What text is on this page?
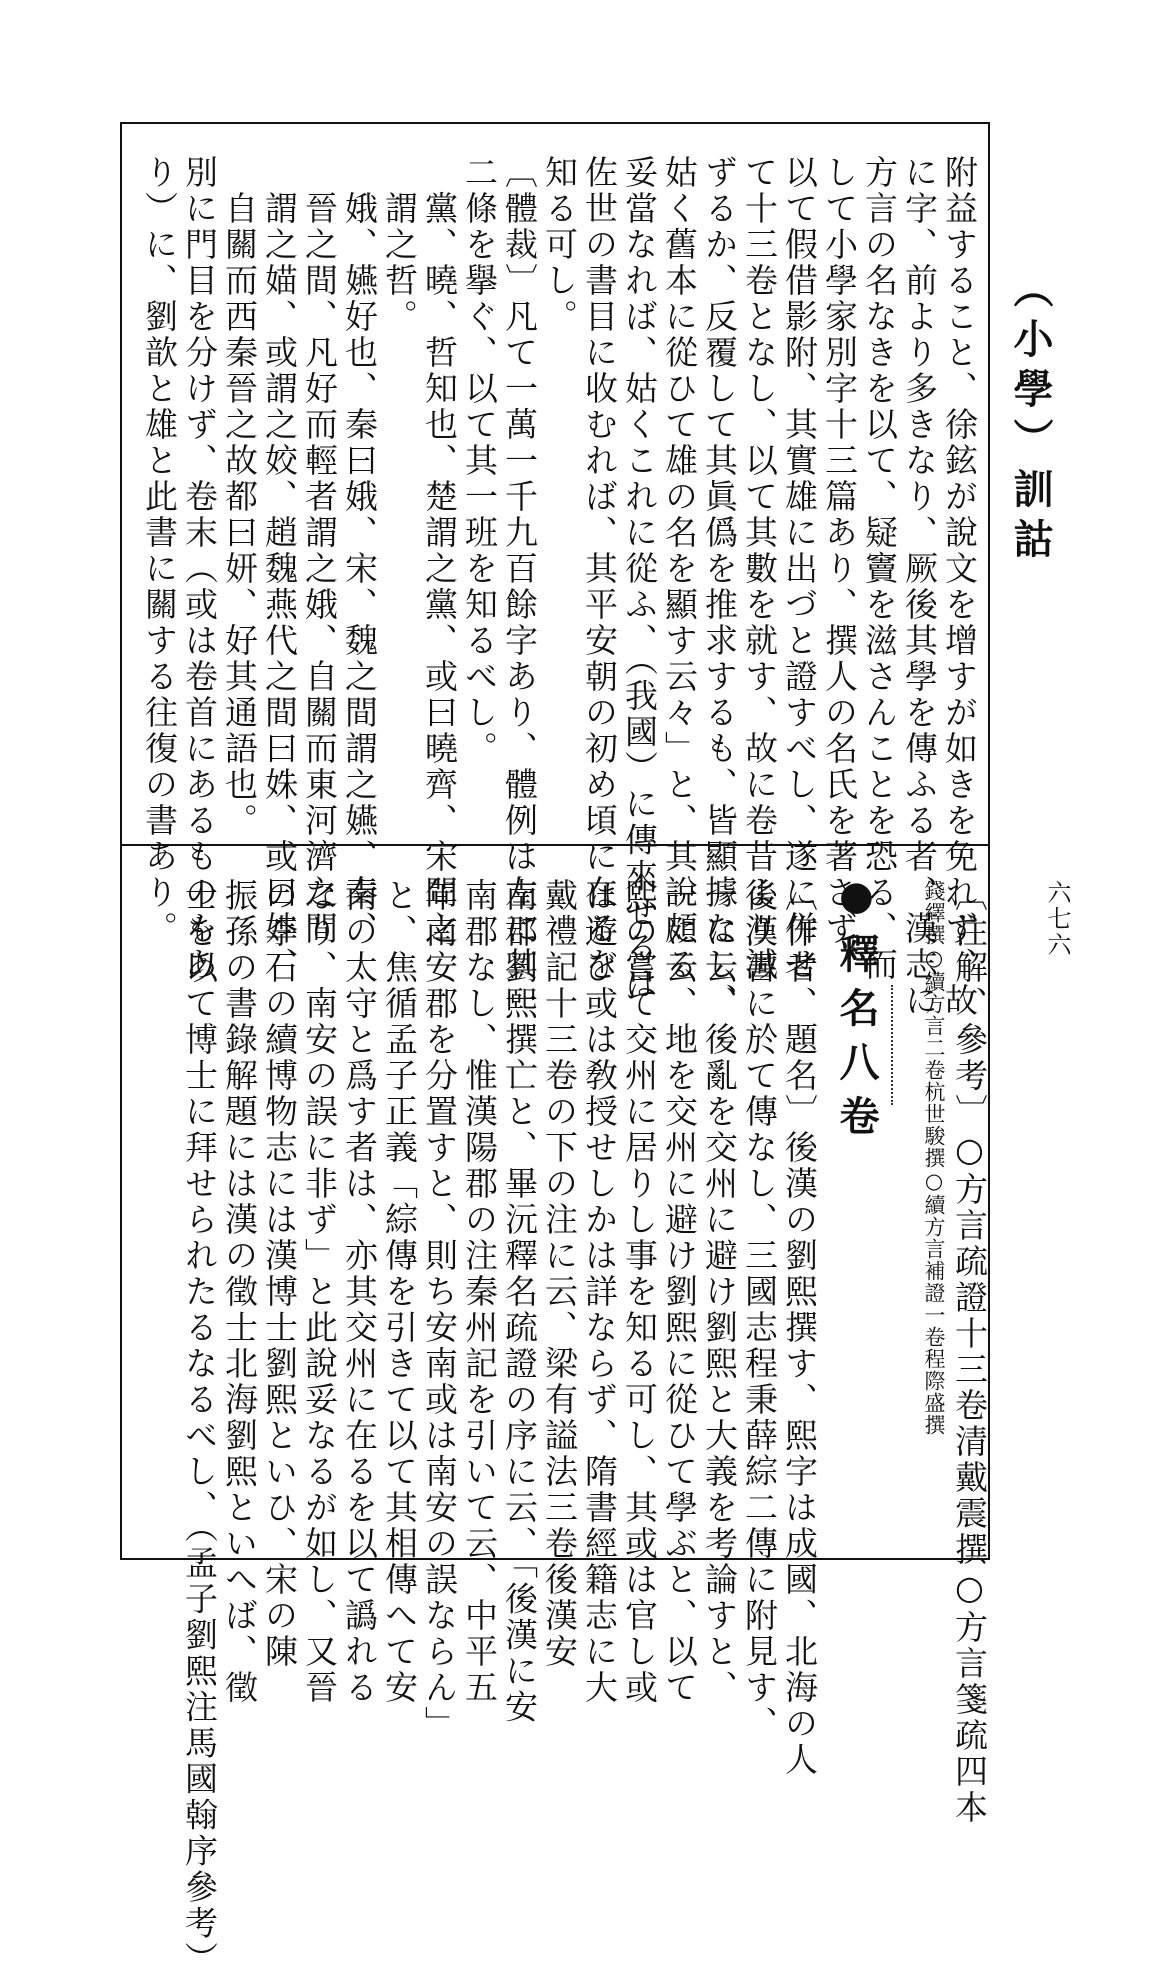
（小學）訓詁
六七六
附益すること、徐鉉が說文を增すが如きを免れず、故
に字、前より多きなり、厥後其學を傳ふる者、漢志に
方言の名なきを以て、疑竇を滋さんことを恐る、而
して小學家別字十三篇あり、撰人の名氏を著さず、
以て假借影附、其實雄に出づと證すべし、遂に併せ
て十三卷となし、以て其數を就す、故に卷昔より減
ずるか、反覆して其眞僞を推求するも、皆顯據なし、
姑く舊本に從ひて雄の名を顯す云々」と、其說頗る
妥當なれば、姑くこれに從ふ、（我國）に傳來せるは
佐世の書目に收むれば、其平安朝の初め頃に在るを
知る可し。
〔體裁〕凡て一萬一千九百餘字あり、體例は左に其一
二條を擧ぐ、以て其一班を知るべし。
　黨、曉、哲知也、楚謂之黨、或曰曉齊、宋間之
　謂之哲。
　娥、嬿好也、秦曰娥、宋、魏之間謂之嬿、秦、
　晉之間、凡好而輕者謂之娥、自關而東河濟之間
　謂之媌、或謂之姣、趙魏燕代之間曰姝、或曰妦、
　自關而西秦晉之故都曰妍、好其通語也。
別に門目を分けず、卷末（或は卷首にあるものもあ
り）に、劉歆と雄と此書に關する往復の書あり。
〔注解、參考〕○方言疏證十三卷清戴震撰○方言箋疏四本
錢繹撰○續方言二卷杭世駿撰○續方言補證一卷程際盛撰
●釋名八卷
〔作者、題名〕後漢の劉熙撰す、熙字は成國、北海の人
後漢書に於て傳なし、三國志程秉薛綜二傳に附見す、
一に云、後亂を交州に避け劉熙と大義を考論すと、
一に云、地を交州に避け劉熙に從ひて學ぶと、以て
熙の嘗て交州に居りし事を知る可し、其或は官し或
は遊び或は敎授せしかは詳ならず、隋書經籍志に大
戴禮記十三卷の下の注に云、梁有謚法三卷後漢安
南郡劉熙撰亡と、畢沅釋名疏證の序に云、「後漢に安
南郡なし、惟漢陽郡の注秦州記を引いて云、中平五
年南安郡を分置すと、則ち安南或は南安の誤ならん」
と、焦循孟子正義「綜傳を引きて以て其相傳へて安
南の太守と爲す者は、亦其交州に在るを以て譌れる
なり、南安の誤に非ず」と此說妥なるが如し、又晉
の李石の續博物志には漢博士劉熙といひ、宋の陳
振孫の書錄解題には漢の徵士北海劉熙といへば、徵
士を以て博士に拜せられたるなるべし、（孟子劉熙注馬國翰序參考）
